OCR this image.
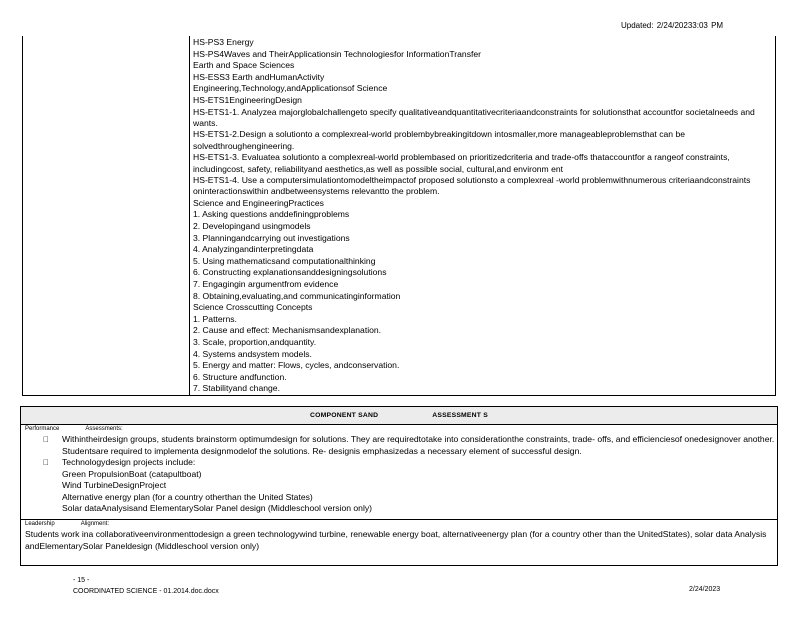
Updated: 2/24/20233:03 PM
HS-PS3 Energy
HS-PS4Waves and TheirApplicationsin Technologiesfor InformationTransfer
Earth and Space Sciences
HS-ESS3 Earth andHumanActivity
Engineering,Technology,andApplicationsof Science
HS-ETS1EngineeringDesign
HS-ETS1-1. Analyzea majorglobalchallengeto specify qualitativeandquantitativecriteriaandconstraints for solutionsthat accountfor societalneeds and wants.
HS-ETS1-2.Design a solutionto a complexreal-world problembybreakingitdown intosmaller,more manageableproblemsthat can be solvedthroughengineering.
HS-ETS1-3. Evaluatea solutionto a complexreal-world problembased on prioritizedcriteria and trade-offs thataccountfor a rangeof constraints, includingcost, safety, reliabilityand aesthetics,as well as possible social, cultural,and environm ent
HS-ETS1-4. Use a computersimulationtomodeltheimpactof proposed solutionsto a complexreal -world problemwithnumerous criteriaandconstraints oninteractionswithin andbetweensystems relevantto the problem.
Science and EngineeringPractices
1. Asking questions anddefiningproblems
2. Developingand usingmodels
3. Planningandcarrying out investigations
4. Analyzingandinterpretingdata
5. Using mathematicsand computationalthinking
6. Constructing explanationsanddesigningsolutions
7. Engagingin argumentfrom evidence
8. Obtaining,evaluating,and communicatinginformation
Science Crosscutting Concepts
1. Patterns.
2. Cause and effect: Mechanismsandexplanation.
3. Scale, proportion,andquantity.
4. Systems andsystem models.
5. Energy and matter: Flows, cycles, andconservation.
6. Structure andfunction.
7. Stabilityand change.
COMPONENT SAND	ASSESSMENT S
Performance	Assessments:
Withintheirdesign groups, students brainstorm optimumdesign for solutions. They are requiredtotake into considerationthe constraints, trade- offs, and efficienciesof onedesignover another. Studentsare required to implementa designmodelof the solutions. Re- designis emphasizedas a necessary element of successful design.
Technologydesign projects include:
Green PropulsionBoat (catapultboat)
Wind TurbineDesignProject
Alternative energy plan (for a country otherthan the United States)
Solar dataAnalysisand ElementarySolar Panel design (Middleschool version only)
Leadership	Alignment:
Students work ina collaborativeenvironmenttodesign a green technologywind turbine, renewable energy boat, alternativeenergy plan (for a country other than the UnitedStates), solar data Analysis andElementarySolar Paneldesign (Middleschool version only)
- 15 -
COORDINATED SCIENCE - 01.2014.doc.docx	2/24/2023
